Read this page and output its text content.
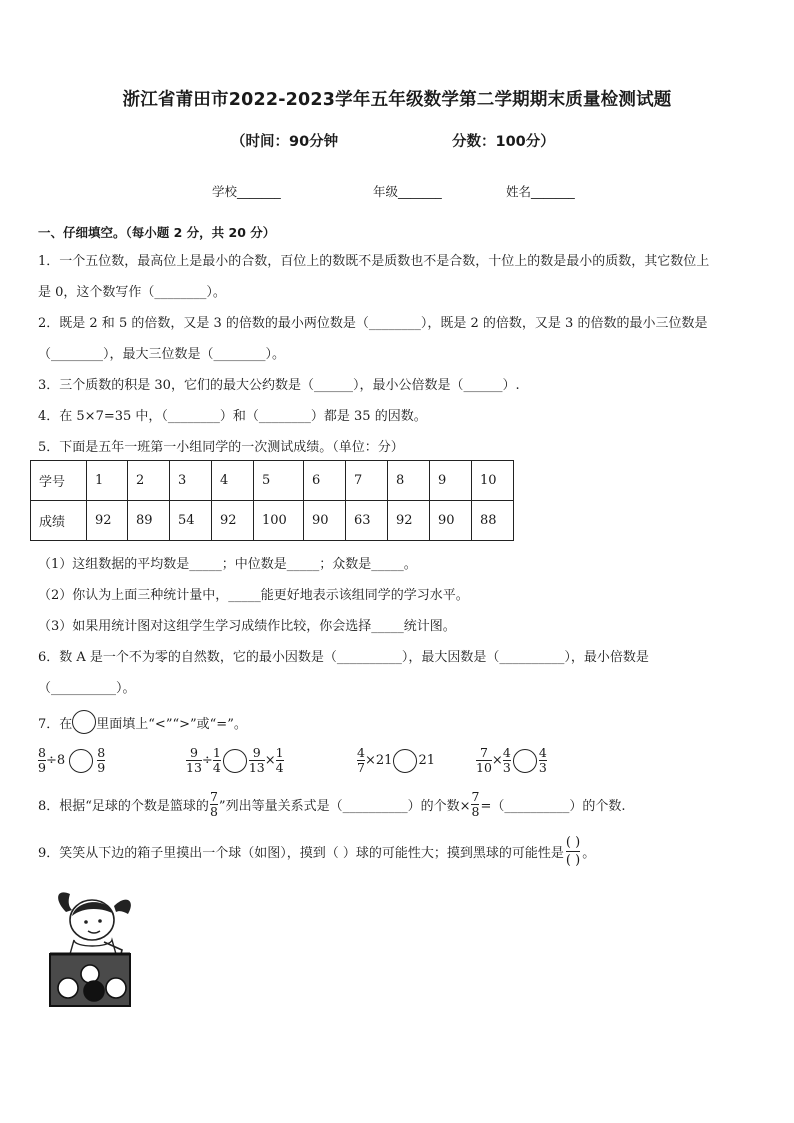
浙江省莆田市2022-2023学年五年级数学第二学期期末质量检测试题
（时间：90分钟	分数：100分）
学校_______	年级_______	姓名_______
一、仔细填空。（每小题 2 分，共 20 分）
1．一个五位数，最高位上是最小的合数，百位上的数既不是质数也不是合数，十位上的数是最小的质数，其它数位上
是 0，这个数写作（________）。
2．既是 2 和 5 的倍数，又是 3 的倍数的最小两位数是（________），既是 2 的倍数，又是 3 的倍数的最小三位数是
（________），最大三位数是（________）。
3．三个质数的积是 30，它们的最大公约数是（______），最小公倍数是（______）.
4．在 5×7=35 中，（________）和（________）都是 35 的因数。
5．下面是五年一班第一小组同学的一次测试成绩。（单位：分）
学号	1	2	3	4	5	6	7	8	9	10
成绩	92	89	54	92	100	90	63	92	90	88
（1）这组数据的平均数是_____；中位数是_____；众数是_____。
（2）你认为上面三种统计量中，_____能更好地表示该组同学的学习水平。
（3）如果用统计图对这组学生学习成绩作比较，你会选择_____统计图。
6．数 A 是一个不为零的自然数，它的最小因数是（__________），最大因数是（__________），最小倍数是
（__________）。
7．在 里面填上“<”“>”或“=”。
$\frac{8}{9} \div 8$	$\frac{8}{9}$	$\frac{9}{13} \div \frac{1}{4} \frac{9}{13} \times \frac{1}{4}$	$\frac{4}{7} \times 21$ 21	$\frac{7}{10} \times \frac{4}{3} \frac{4}{3}$
8．根据“足球的个数是篮球的 $\frac{7}{8}$ ”列出等量关系式是（__________）的个数× $\frac{7}{8}$ =（__________）的个数.
9．笑笑从下边的箱子里摸出一个球（如图），摸到（ ）球的可能性大；摸到黑球的可能性是 $\frac{( )}{( )}$ 。
